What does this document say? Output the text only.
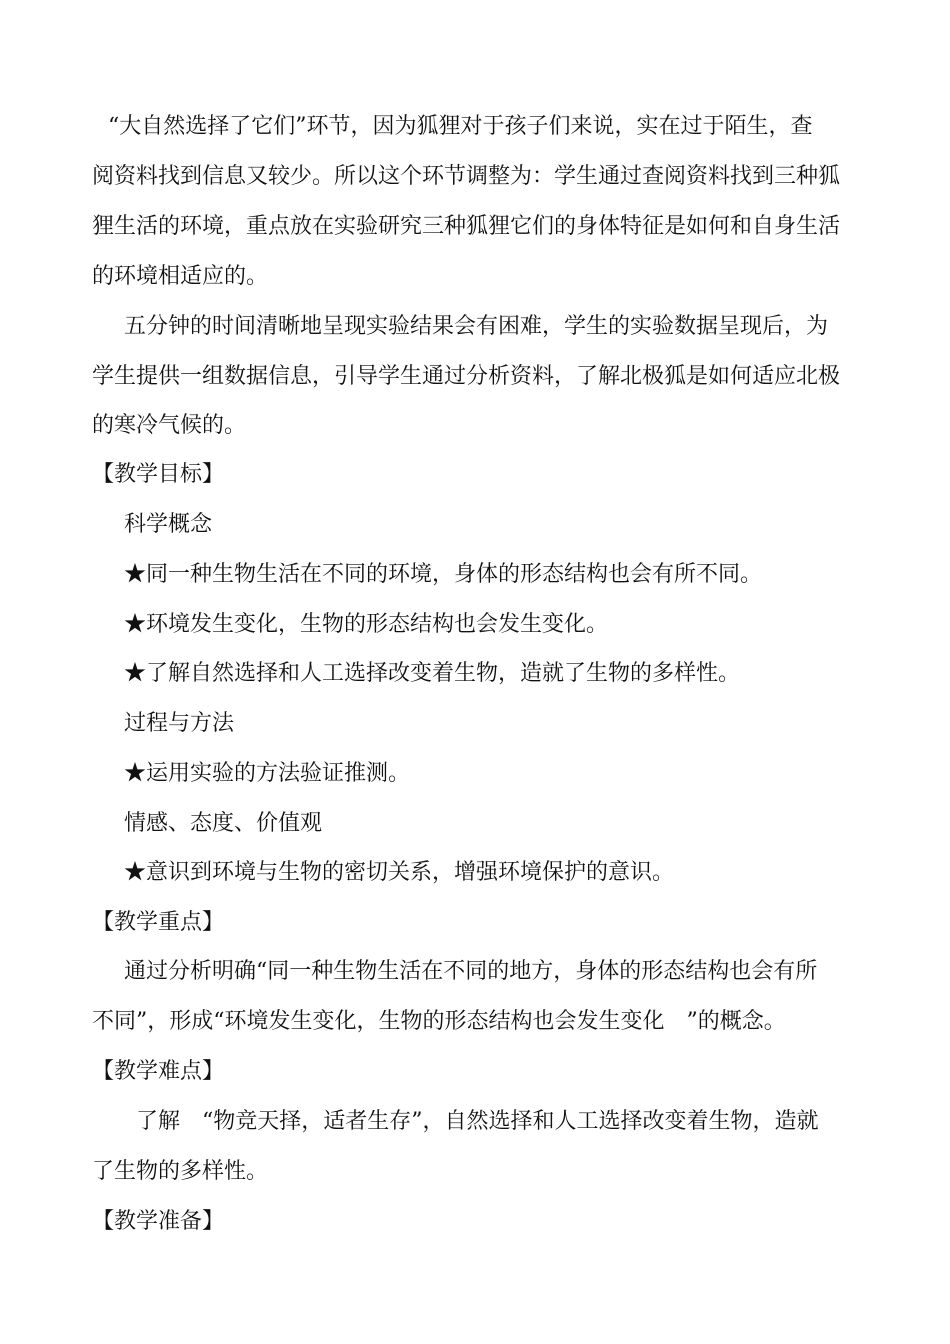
“大自然选择了它们”环节，因为狐狸对于孩子们来说，实在过于陌生，查
阅资料找到信息又较少。所以这个环节调整为：学生通过查阅资料找到三种狐
狸生活的环境，重点放在实验研究三种狐狸它们的身体特征是如何和自身生活
的环境相适应的。
五分钟的时间清晰地呈现实验结果会有困难，学生的实验数据呈现后，为
学生提供一组数据信息，引导学生通过分析资料，了解北极狐是如何适应北极
的寒冷气候的。
【教学目标】
科学概念
★同一种生物生活在不同的环境，身体的形态结构也会有所不同。
★环境发生变化，生物的形态结构也会发生变化。
★了解自然选择和人工选择改变着生物，造就了生物的多样性。
过程与方法
★运用实验的方法验证推测。
情感、态度、价值观
★意识到环境与生物的密切关系，增强环境保护的意识。
【教学重点】
通过分析明确“同一种生物生活在不同的地方，身体的形态结构也会有所
不同”，形成“环境发生变化，生物的形态结构也会发生变化　”的概念。
【教学难点】
了解　“物竞天择，适者生存”，自然选择和人工选择改变着生物，造就
了生物的多样性。
【教学准备】
